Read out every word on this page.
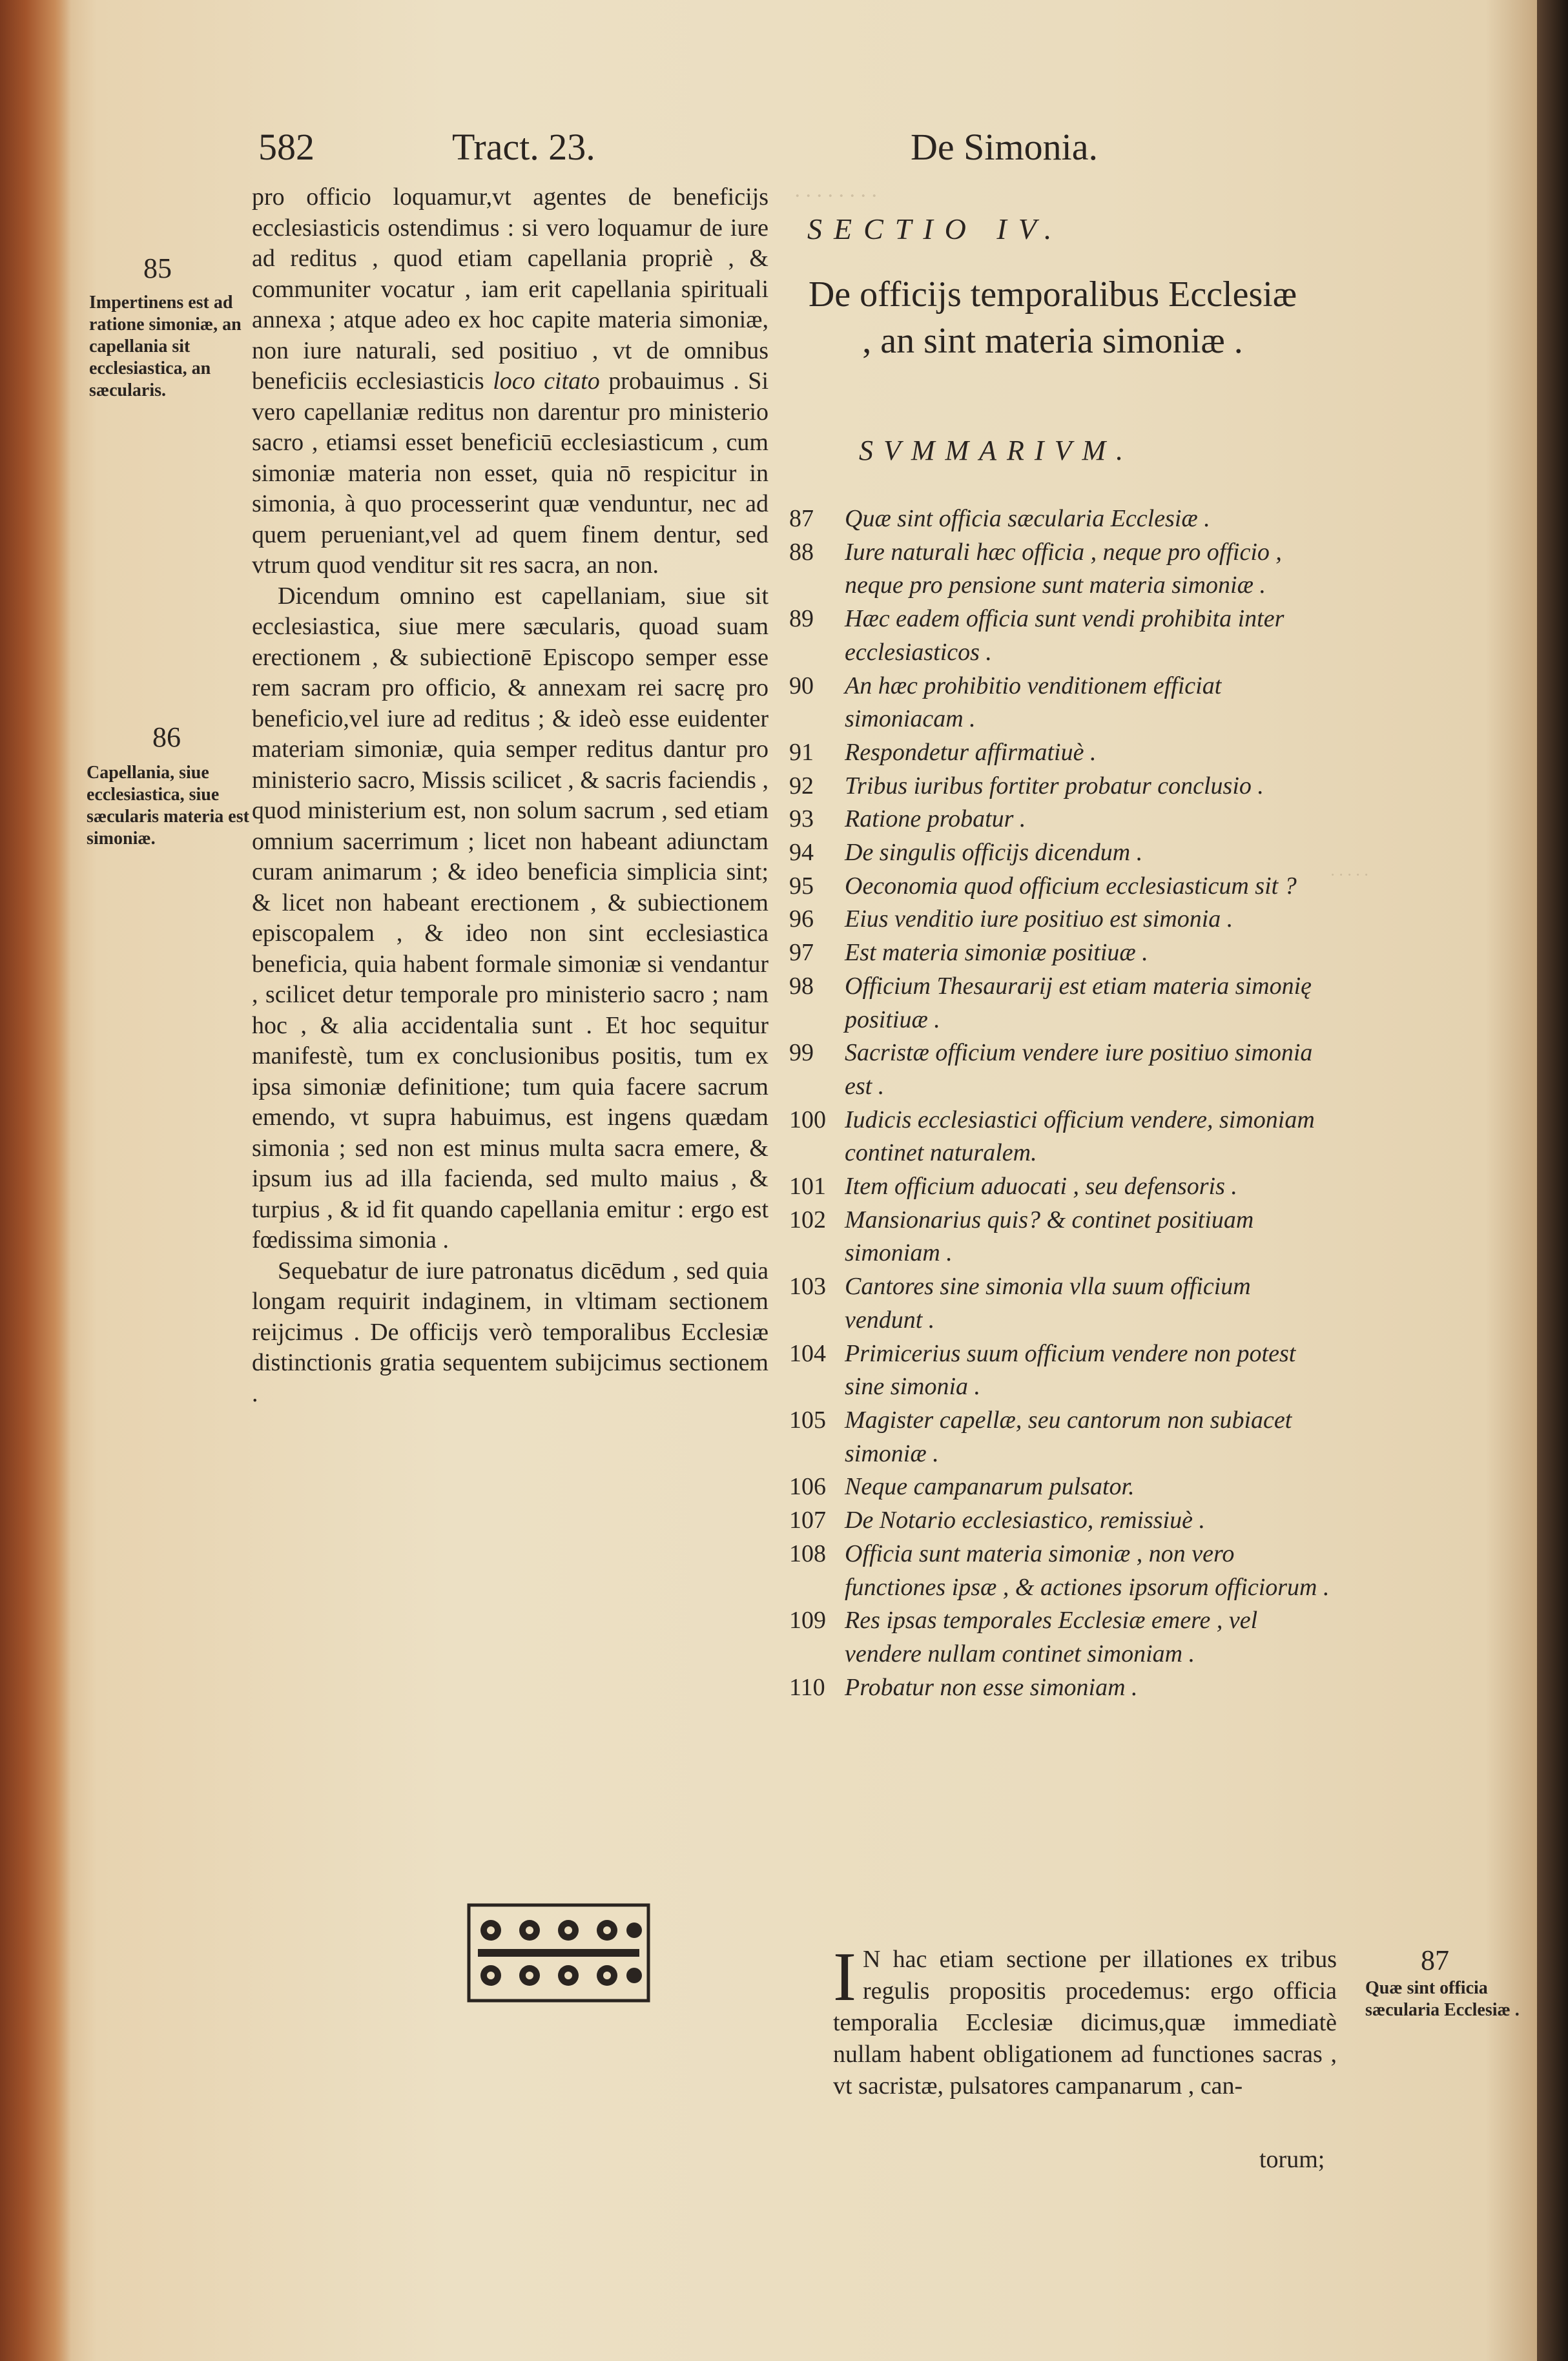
582	Tract. 23.	De Simonia.
· · · · · · · ·
· · · · ·
85
Impertinens est ad ratione simoniæ, an capellania sit ecclesiastica, an sæcularis.
86
Capellania, siue ecclesiastica, siue sæcularis materia est simoniæ.

pro officio loquamur,vt agentes de beneficijs ecclesiasticis ostendimus : si vero loquamur de iure ad reditus , quod etiam capellania propriè , & communiter vocatur , iam erit capellania spirituali annexa ; atque adeo ex hoc capite materia simoniæ, non iure naturali, sed positiuo , vt de omnibus beneficiis ecclesiasticis loco citato probauimus . Si vero capellaniæ reditus non darentur pro ministerio sacro , etiamsi esset beneficiū ecclesiasticum , cum simoniæ materia non esset, quia nō respicitur in simonia, à quo processerint quæ venduntur, nec ad quem perueniant,vel ad quem finem dentur, sed vtrum quod venditur sit res sacra, an non.

Dicendum omnino est capellaniam, siue sit ecclesiastica, siue mere sæcularis, quoad suam erectionem , & subiectionē Episcopo semper esse rem sacram pro officio, & annexam rei sacrę pro beneficio,vel iure ad reditus ; & ideò esse euidenter materiam simoniæ, quia semper reditus dantur pro ministerio sacro, Missis scilicet , & sacris faciendis , quod ministerium est, non solum sacrum , sed etiam omnium sacerrimum ; licet non habeant adiunctam curam animarum ; & ideo beneficia simplicia sint; & licet non habeant erectionem , & subiectionem episcopalem , & ideo non sint ecclesiastica beneficia, quia habent formale simoniæ si vendantur , scilicet detur temporale pro ministerio sacro ; nam hoc , & alia accidentalia sunt . Et hoc sequitur manifestè, tum ex conclusionibus positis, tum ex ipsa simoniæ definitione; tum quia facere sacrum emendo, vt supra habuimus, est ingens quædam simonia ; sed non est minus multa sacra emere, & ipsum ius ad illa facienda, sed multo maius , & turpius , & id fit quando capellania emitur : ergo est fœdissima simonia .

Sequebatur de iure patronatus dicēdum , sed quia longam requirit indaginem, in vltimam sectionem reijcimus . De officijs verò temporalibus Ecclesiæ distinctionis gratia sequentem subijcimus sectionem .

SECTIO IV.
De officijs temporalibus Ecclesiæ , an sint materia simoniæ .
SVMMARIVM.
87	Quæ sint officia sæcularia Ecclesiæ .
88	Iure naturali hæc officia , neque pro officio , neque pro pensione sunt materia simoniæ .
89	Hæc eadem officia sunt vendi prohibita inter ecclesiasticos .
90	An hæc prohibitio venditionem efficiat simoniacam .
91	Respondetur affirmatiuè .
92	Tribus iuribus fortiter probatur conclusio .
93	Ratione probatur .
94	De singulis officijs dicendum .
95	Oeconomia quod officium ecclesiasticum sit ?
96	Eius venditio iure positiuo est simonia .
97	Est materia simoniæ positiuæ .
98	Officium Thesaurarij est etiam materia simonię positiuæ .
99	Sacristæ officium vendere iure positiuo simonia est .
100 Iudicis ecclesiastici officium vendere, simoniam continet naturalem.
101 Item officium aduocati , seu defensoris .
102 Mansionarius quis? & continet positiuam simoniam .
103 Cantores sine simonia vlla suum officium vendunt .
104 Primicerius suum officium vendere non potest sine simonia .
105 Magister capellæ, seu cantorum non subiacet simoniæ .
106 Neque campanarum pulsator.
107 De Notario ecclesiastico, remissiuè .
108 Officia sunt materia simoniæ , non vero functiones ipsæ , & actiones ipsorum officiorum .
109 Res ipsas temporales Ecclesiæ emere , vel vendere nullam continet simoniam .
110 Probatur non esse simoniam .

I N hac etiam sectione per illationes ex tribus regulis propositis procedemus: ergo officia temporalia Ecclesiæ dicimus,quæ immediatè nullam habent obligationem ad functiones sacras , vt sacristæ, pulsatores campanarum , can-

torum;
87
Quæ sint officia sæcularia Ecclesiæ .
